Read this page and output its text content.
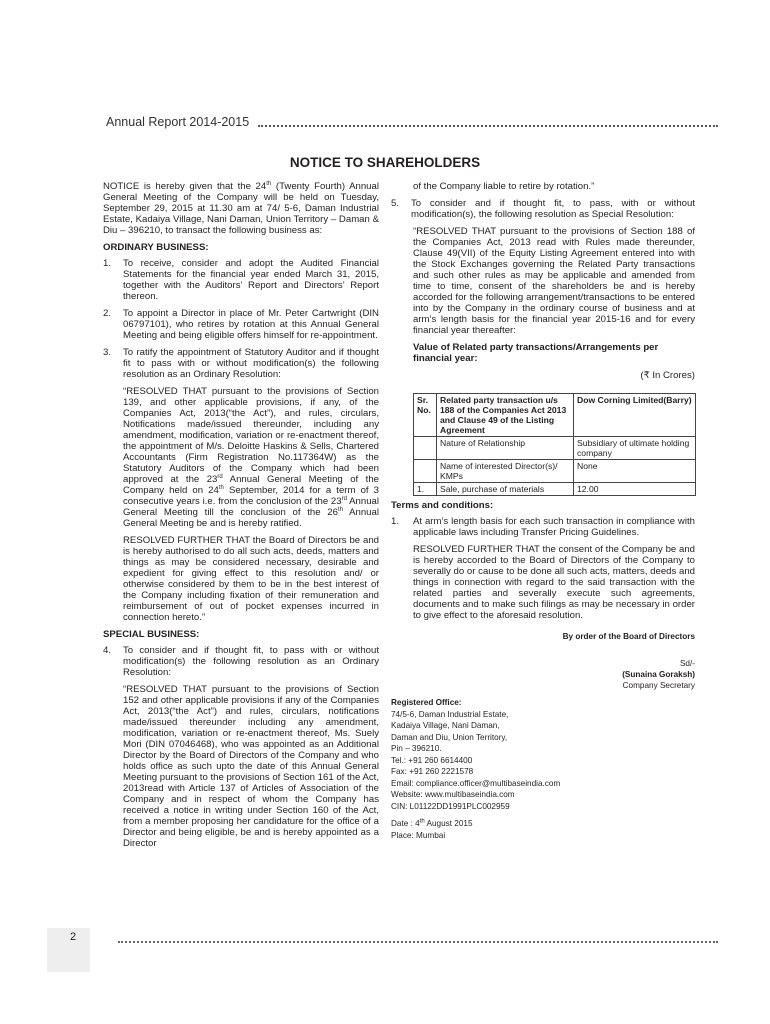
Annual Report 2014-2015
NOTICE TO SHAREHOLDERS

NOTICE is hereby given that the 24th (Twenty Fourth) Annual General Meeting of the Company will be held on Tuesday, September 29, 2015 at 11.30 am at 74/ 5-6, Daman Industrial Estate, Kadaiya Village, Nani Daman, Union Territory – Daman & Diu – 396210, to transact the following business as:

ORDINARY BUSINESS:
1.	To receive, consider and adopt the Audited Financial Statements for the financial year ended March 31, 2015, together with the Auditors’ Report and Directors’ Report thereon.
2.	To appoint a Director in place of Mr. Peter Cartwright (DIN 06797101), who retires by rotation at this Annual General Meeting and being eligible offers himself for re-appointment.
3.	To ratify the appointment of Statutory Auditor and if thought fit to pass with or without modification(s) the following resolution as an Ordinary Resolution:

“RESOLVED THAT pursuant to the provisions of Section 139, and other applicable provisions, if any, of the Companies Act, 2013(“the Act”), and rules, circulars, Notifications made/issued thereunder, including any amendment, modification, variation or re-enactment thereof, the appointment of M/s. Deloitte Haskins & Sells, Chartered Accountants (Firm Registration No.117364W) as the Statutory Auditors of the Company which had been approved at the 23rd Annual General Meeting of the Company held on 24th September, 2014 for a term of 3 consecutive years i.e. from the conclusion of the 23rd Annual General Meeting till the conclusion of the 26th Annual General Meeting be and is hereby ratified.

RESOLVED FURTHER THAT the Board of Directors be and is hereby authorised to do all such acts, deeds, matters and things as may be considered necessary, desirable and expedient for giving effect to this resolution and/ or otherwise considered by them to be in the best interest of the Company including fixation of their remuneration and reimbursement of out of pocket expenses incurred in connection hereto.”

SPECIAL BUSINESS:
4.	To consider and if thought fit, to pass with or without modification(s) the following resolution as an Ordinary Resolution:

“RESOLVED THAT pursuant to the provisions of Section 152 and other applicable provisions if any of the Companies Act, 2013(“the Act”) and rules, circulars, notifications made/issued thereunder including any amendment, modification, variation or re-enactment thereof, Ms. Suely Mori (DIN 07046468), who was appointed as an Additional Director by the Board of Directors of the Company and who holds office as such upto the date of this Annual General Meeting pursuant to the provisions of Section 161 of the Act, 2013read with Article 137 of Articles of Association of the Company and in respect of whom the Company has received a notice in writing under Section 160 of the Act, from a member proposing her candidature for the office of a Director and being eligible, be and is hereby appointed as a Director

of the Company liable to retire by rotation.”

5.	To consider and if thought fit, to pass, with or without modification(s), the following resolution as Special Resolution:

“RESOLVED THAT pursuant to the provisions of Section 188 of the Companies Act, 2013 read with Rules made thereunder, Clause 49(VII) of the Equity Listing Agreement entered into with the Stock Exchanges governing the Related Party transactions and such other rules as may be applicable and amended from time to time, consent of the shareholders be and is hereby accorded for the following arrangement/transactions to be entered into by the Company in the ordinary course of business and at arm’s length basis for the financial year 2015-16 and for every financial year thereafter:

Value of Related party transactions/Arrangements per financial year:
(₹ In Crores)
Sr. No.	Related party transaction u/s 188 of the Companies Act 2013 and Clause 49 of the Listing Agreement	Dow Corning Limited(Barry)
	Nature of Relationship	Subsidiary of ultimate holding company
	Name of interested Director(s)/ KMPs	None
1.	Sale, purchase of materials	12.00
Terms and conditions:
1.	At arm’s length basis for each such transaction in compliance with applicable laws including Transfer Pricing Guidelines.

RESOLVED FURTHER THAT the consent of the Company be and is hereby accorded to the Board of Directors of the Company to severally do or cause to be done all such acts, matters, deeds and things in connection with regard to the said transaction with the related parties and severally execute such agreements, documents and to make such filings as may be necessary in order to give effect to the aforesaid resolution.

By order of the Board of Directors
Sd/-
(Sunaina Goraksh)
Company Secretary
Registered Office:
74/5-6, Daman Industrial Estate,
Kadaiya Village, Nani Daman,
Daman and Diu, Union Territory,
Pin – 396210.
Tel.: +91 260 6614400
Fax: +91 260 2221578
Email: compliance.officer@multibaseindia.com
Website: www.multibaseindia.com
CIN: L01122DD1991PLC002959
Date : 4th August 2015
Place: Mumbai
2
